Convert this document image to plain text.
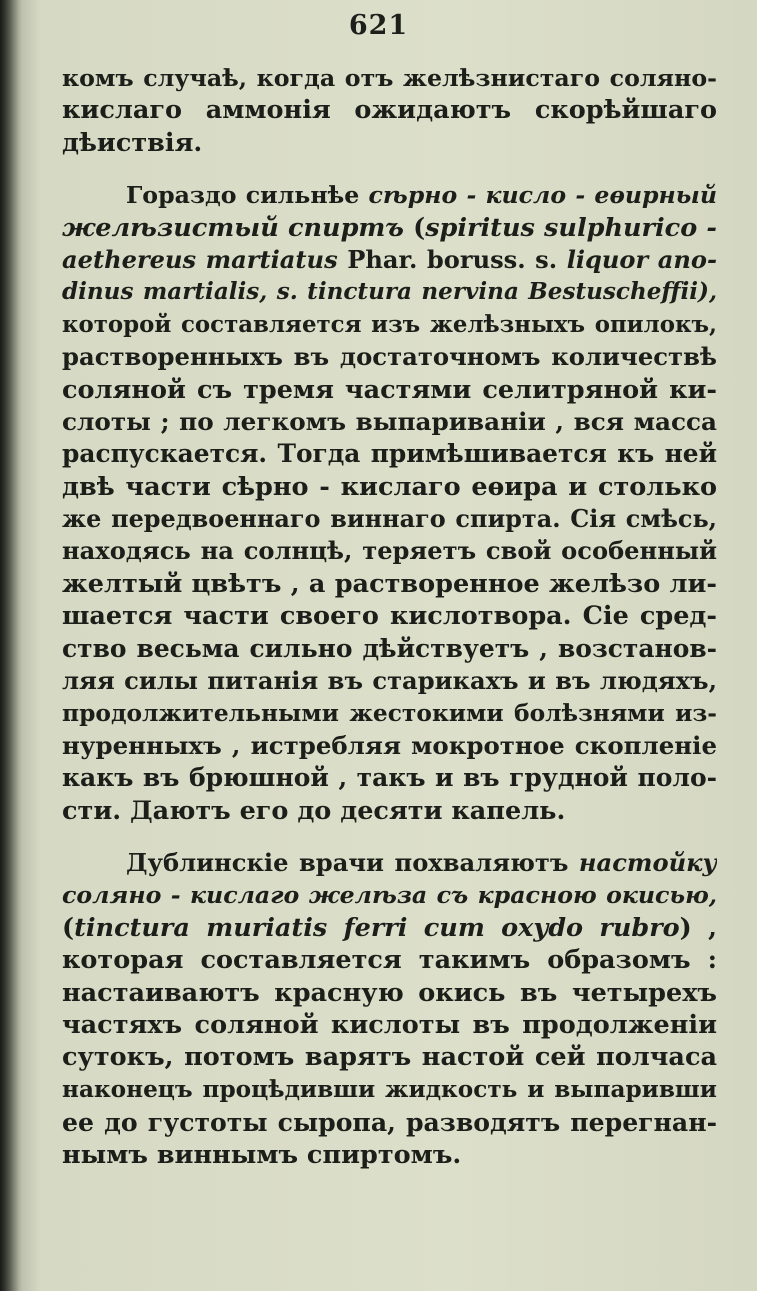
621
комъ случаѣ, когда отъ желѣзнистаго соляно-
кислаго аммонія ожидаютъ скорѣйшаго
дѣиствія.
Гораздо сильнѣе сѣрно - кисло - еѳирный
желѣзистый спиртъ (spiritus sulphurico -
aethereus martiatus Phar. boruss. s. liquor ano-
dinus martialis, s. tinctura nervina Bestuscheffii),
которой составляется изъ желѣзныхъ опилокъ,
растворенныхъ въ достаточномъ количествѣ
соляной съ тремя частями селитряной ки-
слоты ; по легкомъ выпариваніи , вся масса
распускается. Тогда примѣшивается къ ней
двѣ части сѣрно - кислаго еѳира и столько
же передвоеннаго виннаго спирта. Сія смѣсь,
находясь на солнцѣ, теряетъ свой особенный
желтый цвѣтъ , а растворенное желѣзо ли-
шается части своего кислотвора. Сіе сред-
ство весьма сильно дѣйствуетъ , возстанов-
ляя силы питанія въ старикахъ и въ людяхъ,
продолжительными жестокими болѣзнями из-
нуренныхъ , истребляя мокротное скопленіе
какъ въ брюшной , такъ и въ грудной поло-
сти. Даютъ его до десяти капель.
Дублинскіе врачи похваляютъ настойку
соляно - кислаго желѣза съ красною окисью,
(tinctura muriatis ferri cum oxydo rubro) ,
которая составляется такимъ образомъ :
настаиваютъ красную окись въ четырехъ
частяхъ соляной кислоты въ продолженіи
сутокъ, потомъ варятъ настой сей полчаса
наконецъ процѣдивши жидкость и выпаривши
ее до густоты сыропа, разводятъ перегнан-
нымъ виннымъ спиртомъ.
